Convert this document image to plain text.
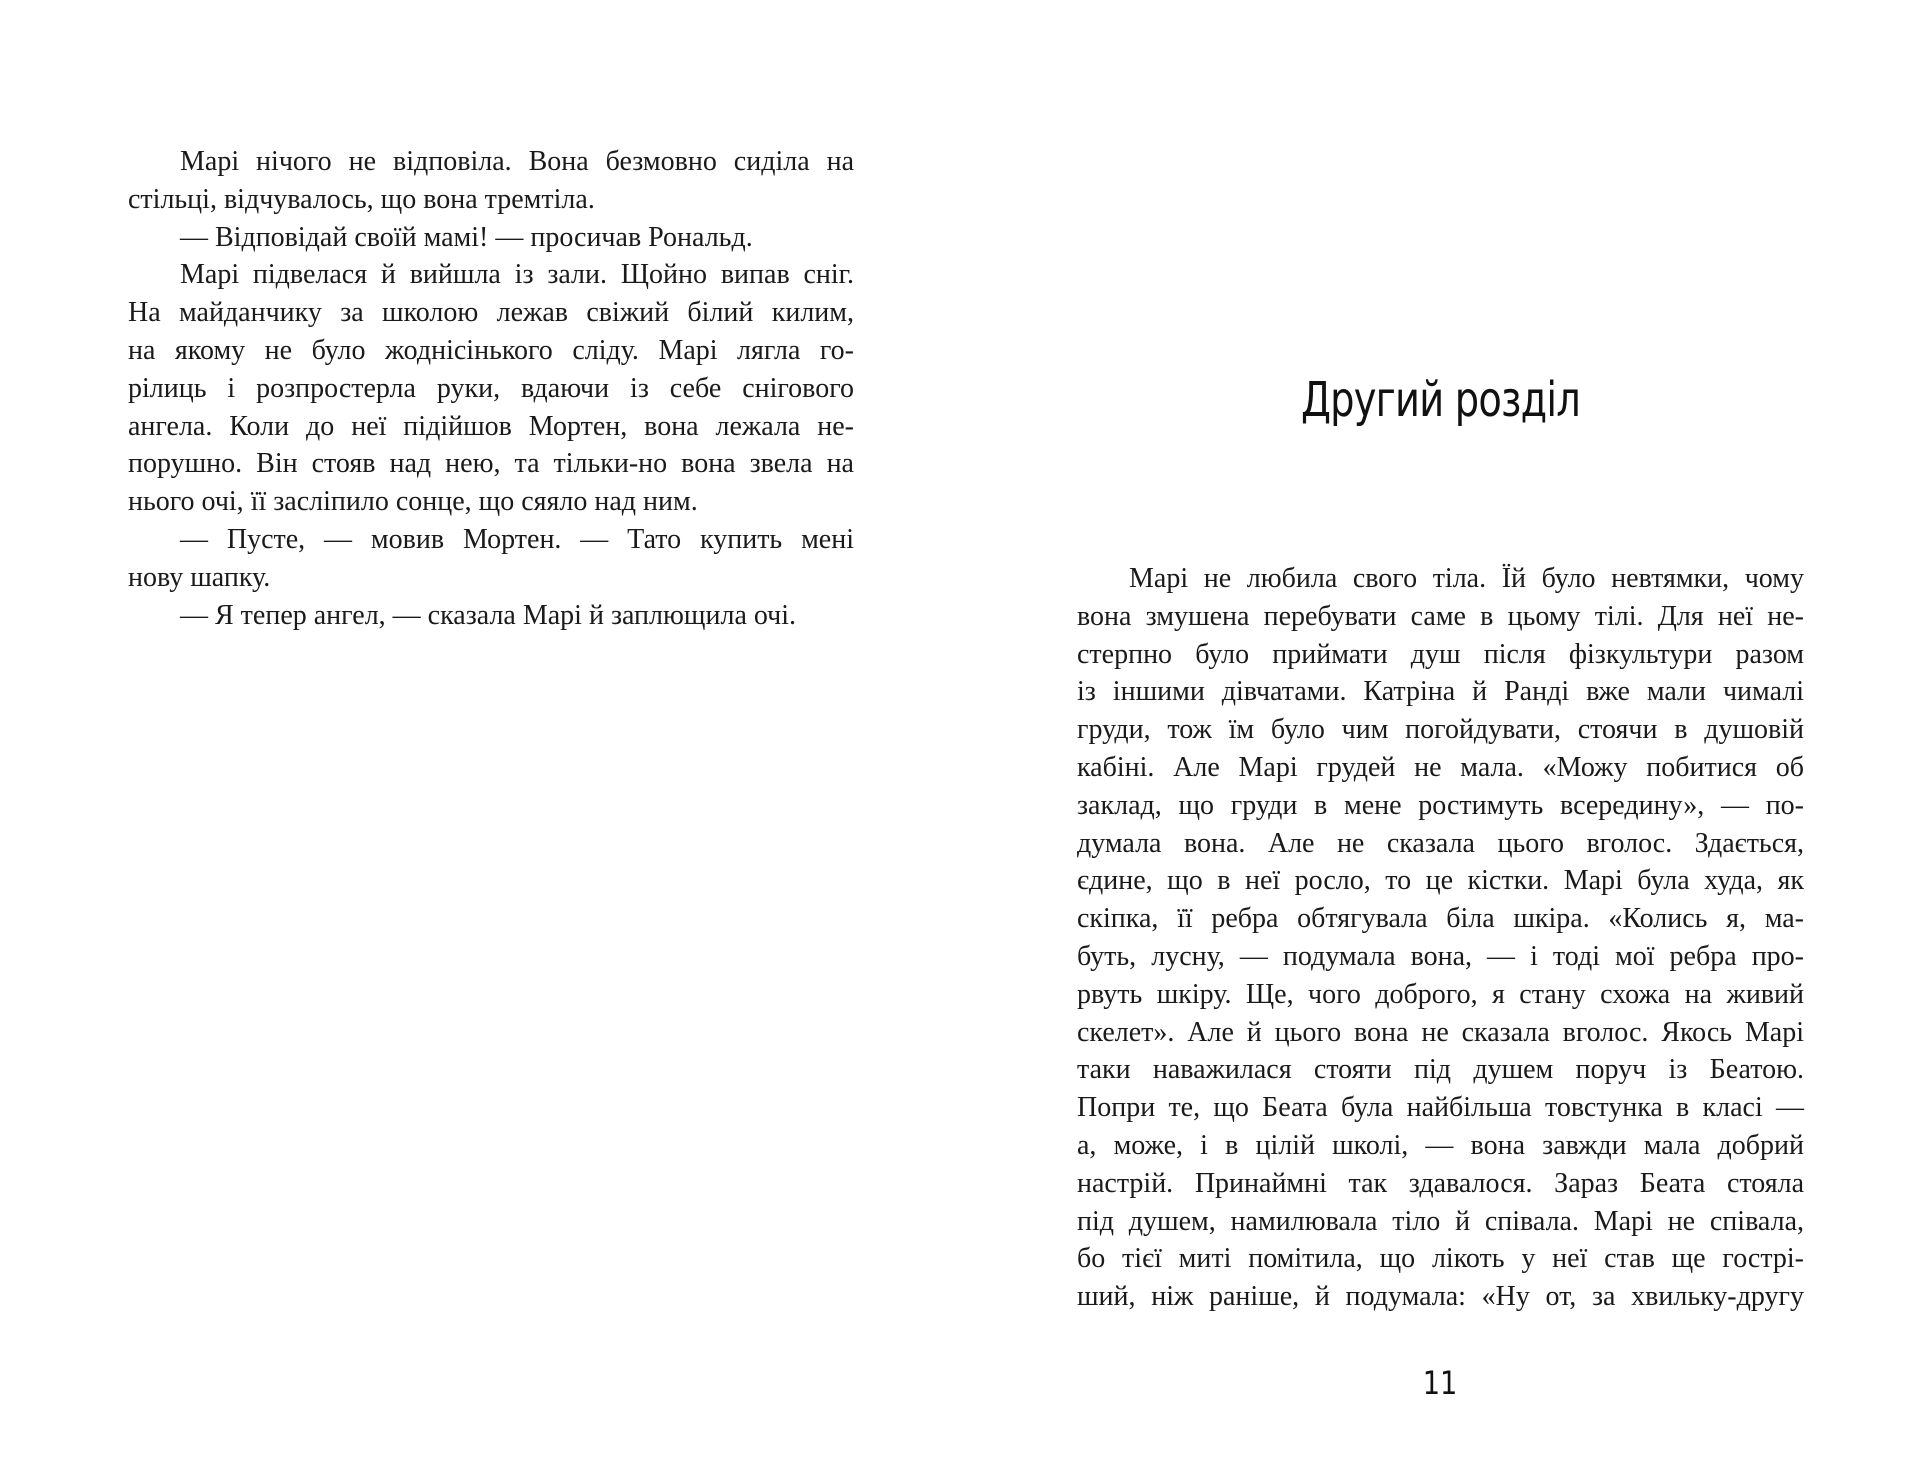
Марі нічого не відповіла. Вона безмовно сиділа на
стільці, відчувалось, що вона тремтіла.
— Відповідай своїй мамі! — просичав Рональд.
Марі підвелася й вийшла із зали. Щойно випав сніг.
На майданчику за школою лежав свіжий білий килим,
на якому не було жоднісінького сліду. Марі лягла го-
рілиць і розпростерла руки, вдаючи із себе снігового
ангела. Коли до неї підійшов Мортен, вона лежала не-
порушно. Він стояв над нею, та тільки-но вона звела на
нього очі, її засліпило сонце, що сяяло над ним.
— Пусте, — мовив Мортен. — Тато купить мені
нову шапку.
— Я тепер ангел, — сказала Марі й заплющила очі.
Другий розділ
Марі не любила свого тіла. Їй було невтямки, чому
вона змушена перебувати саме в цьому тілі. Для неї не-
стерпно було приймати душ після фізкультури разом
із іншими дівчатами. Катріна й Ранді вже мали чималі
груди, тож їм було чим погойдувати, стоячи в душовій
кабіні. Але Марі грудей не мала. «Можу побитися об
заклад, що груди в мене ростимуть всередину», — по-
думала вона. Але не сказала цього вголос. Здається,
єдине, що в неї росло, то це кістки. Марі була худа, як
скіпка, її ребра обтягувала біла шкіра. «Колись я, ма-
буть, лусну, — подумала вона, — і тоді мої ребра про-
рвуть шкіру. Ще, чого доброго, я стану схожа на живий
скелет». Але й цього вона не сказала вголос. Якось Марі
таки наважилася стояти під душем поруч із Беатою.
Попри те, що Беата була найбільша товстунка в класі —
а, може, і в цілій школі, — вона завжди мала добрий
настрій. Принаймні так здавалося. Зараз Беата стояла
під душем, намилювала тіло й співала. Марі не співала,
бо тієї миті помітила, що лікоть у неї став ще гострі-
ший, ніж раніше, й подумала: «Ну от, за хвильку-другу
11
